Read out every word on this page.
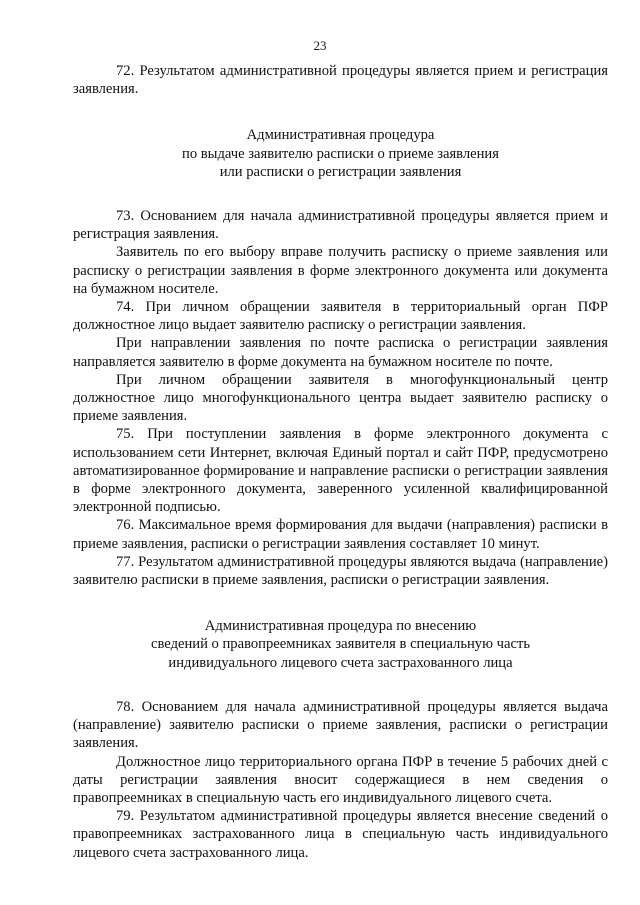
23

72. Результатом административной процедуры является прием и регистрация заявления.

Административная процедура
по выдаче заявителю расписки о приеме заявления
или расписки о регистрации заявления

73. Основанием для начала административной процедуры является прием и регистрация заявления.

Заявитель по его выбору вправе получить расписку о приеме заявления или расписку о регистрации заявления в форме электронного документа или документа на бумажном носителе.

74. При личном обращении заявителя в территориальный орган ПФР должностное лицо выдает заявителю расписку о регистрации заявления.

При направлении заявления по почте расписка о регистрации заявления направляется заявителю в форме документа на бумажном носителе по почте.

При личном обращении заявителя в многофункциональный центр должностное лицо многофункционального центра выдает заявителю расписку о приеме заявления.

75. При поступлении заявления в форме электронного документа с использованием сети Интернет, включая Единый портал и сайт ПФР, предусмотрено автоматизированное формирование и направление расписки о регистрации заявления в форме электронного документа, заверенного усиленной квалифицированной электронной подписью.

76. Максимальное время формирования для выдачи (направления) расписки в приеме заявления, расписки о регистрации заявления составляет 10 минут.

77. Результатом административной процедуры являются выдача (направление) заявителю расписки в приеме заявления, расписки о регистрации заявления.

Административная процедура по внесению
сведений о правопреемниках заявителя в специальную часть
индивидуального лицевого счета застрахованного лица

78. Основанием для начала административной процедуры является выдача (направление) заявителю расписки о приеме заявления, расписки о регистрации заявления.

Должностное лицо территориального органа ПФР в течение 5 рабочих дней с даты регистрации заявления вносит содержащиеся в нем сведения о правопреемниках в специальную часть его индивидуального лицевого счета.

79. Результатом административной процедуры является внесение сведений о правопреемниках застрахованного лица в специальную часть индивидуального лицевого счета застрахованного лица.
